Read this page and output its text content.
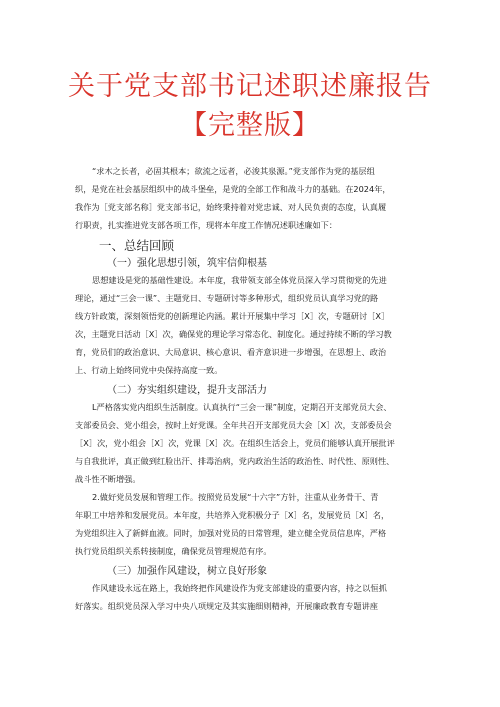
关于党支部书记述职述廉报告
【完整版】
“求木之长者，必固其根本；欲流之远者，必浚其泉源。”党支部作为党的基层组
织，是党在社会基层组织中的战斗堡垒，是党的全部工作和战斗力的基础。在2024年，
我作为［党支部名称］党支部书记，始终秉持着对党忠诚、对人民负责的态度，认真履
行职责，扎实推进党支部各项工作，现将本年度工作情况述职述廉如下：
一、总结回顾
（一）强化思想引领，筑牢信仰根基
思想建设是党的基础性建设。本年度，我带领支部全体党员深入学习贯彻党的先进
理论，通过“三会一课”、主题党日、专题研讨等多种形式，组织党员认真学习党的路
线方针政策，深刻领悟党的创新理论内涵。累计开展集中学习［X］次，专题研讨［X］
次，主题党日活动［X］次，确保党的理论学习常态化、制度化。通过持续不断的学习教
育，党员们的政治意识、大局意识、核心意识、看齐意识进一步增强，在思想上、政治
上、行动上始终同党中央保持高度一致。
（二）夯实组织建设，提升支部活力
L严格落实党内组织生活制度。认真执行“三会一课”制度，定期召开支部党员大会、
支部委员会、党小组会，按时上好党课。全年共召开支部党员大会［X］次，支部委员会
［X］次，党小组会［X］次，党课［X］次。在组织生活会上，党员们能够认真开展批评
与自我批评，真正做到红脸出汗、排毒治病，党内政治生活的政治性、时代性、原则性、
战斗性不断增强。
2.做好党员发展和管理工作。按照党员发展“十六字”方针，注重从业务骨干、青
年职工中培养和发展党员。本年度，共培养入党积极分子［X］名，发展党员［X］名，
为党组织注入了新鲜血液。同时，加强对党员的日常管理，建立健全党员信息库，严格
执行党员组织关系转接制度，确保党员管理规范有序。
（三）加强作风建设，树立良好形象
作风建设永远在路上，我始终把作风建设作为党支部建设的重要内容，持之以恒抓
好落实。组织党员深入学习中央八项规定及其实施细则精神，开展廉政教育专题讲座
